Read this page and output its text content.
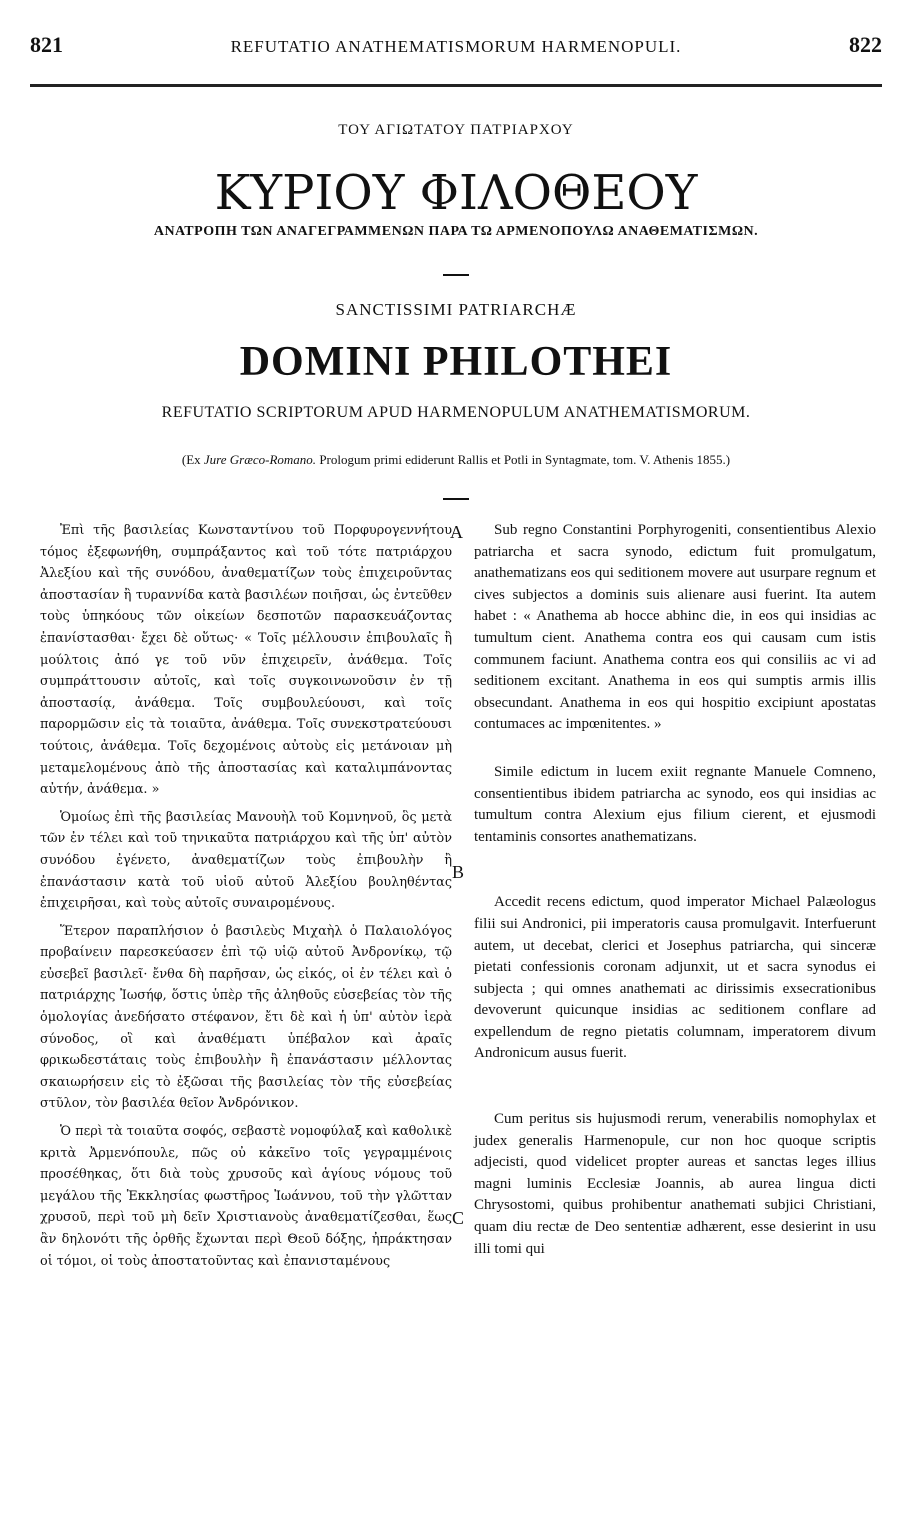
821	REFUTATIO ANATHEMATISMORUM HARMENOPULI.	822
ΤΟΥ ΑΓΙΩΤΑΤΟΥ ΠΑΤΡΙΑΡΧΟΥ
ΚΥΡΙΟΥ ΦΙΛΟΘΕΟΥ
ΑΝΑΤΡΟΠΗ ΤΩΝ ΑΝΑΓΕΓΡΑΜΜΕΝΩΝ ΠΑΡΑ ΤΩ ΑΡΜΕΝΟΠΟΥΛΩ ΑΝΑΘΕΜΑΤΙΣΜΩΝ.
SANCTISSIMI PATRIARCHÆ
DOMINI PHILOTHEI
REFUTATIO SCRIPTORUM APUD HARMENOPULUM ANATHEMATISMORUM.
(Ex Jure Græco-Romano. Prologum primi ediderunt Rallis et Potli in Syntagmate, tom. V. Athenis 1855.)

Ἐπὶ τῆς βασιλείας Κωνσταντίνου τοῦ Πορφυρογεννήτου τόμος ἐξεφωνήθη, συμπράξαντος καὶ τοῦ τότε πατριάρχου Ἀλεξίου καὶ τῆς συνόδου, ἀναθεματίζων τοὺς ἐπιχειροῦντας ἀποστασίαν ἢ τυραννίδα κατὰ βασιλέων ποιῆσαι, ὡς ἐντεῦθεν τοὺς ὑπηκόους τῶν οἰκείων δεσποτῶν παρασκευάζοντας ἐπανίστασθαι· ἔχει δὲ οὕτως· « Τοῖς μέλλουσιν ἐπιβουλαῖς ἢ μούλτοις ἀπό γε τοῦ νῦν ἐπιχειρεῖν, ἀνάθεμα. Τοῖς συμπράττουσιν αὐτοῖς, καὶ τοῖς συγκοινωνοῦσιν ἐν τῇ ἀποστασίᾳ, ἀνάθεμα. Τοῖς συμβουλεύουσι, καὶ τοῖς παρορμῶσιν εἰς τὰ τοιαῦτα, ἀνάθεμα. Τοῖς συνεκστρατεύουσι τούτοις, ἀνάθεμα. Τοῖς δεχομένοις αὐτοὺς εἰς μετάνοιαν μὴ μεταμελομένους ἀπὸ τῆς ἀποστασίας καὶ καταλιμπάνοντας αὐτήν, ἀνάθεμα. »

Ὁμοίως ἐπὶ τῆς βασιλείας Μανουὴλ τοῦ Κομνηνοῦ, ὃς μετὰ τῶν ἐν τέλει καὶ τοῦ τηνικαῦτα πατριάρχου καὶ τῆς ὑπ' αὐτὸν συνόδου ἐγένετο, ἀναθεματίζων τοὺς ἐπιβουλὴν ἢ ἐπανάστασιν κατὰ τοῦ υἱοῦ αὐτοῦ Ἀλεξίου βουληθέντας ἐπιχειρῆσαι, καὶ τοὺς αὐτοῖς συναιρομένους.

Ἕτερον παραπλήσιον ὁ βασιλεὺς Μιχαὴλ ὁ Παλαιολόγος προβαίνειν παρεσκεύασεν ἐπὶ τῷ υἱῷ αὐτοῦ Ἀνδρονίκῳ, τῷ εὐσεβεῖ βασιλεῖ· ἔνθα δὴ παρῆσαν, ὡς εἰκός, οἱ ἐν τέλει καὶ ὁ πατριάρχης Ἰωσήφ, ὅστις ὑπὲρ τῆς ἀληθοῦς εὐσεβείας τὸν τῆς ὁμολογίας ἀνεδήσατο στέφανον, ἔτι δὲ καὶ ἡ ὑπ' αὐτὸν ἱερὰ σύνοδος, οἳ καὶ ἀναθέματι ὑπέβαλον καὶ ἀραῖς φρικωδεστάταις τοὺς ἐπιβουλὴν ἢ ἐπανάστασιν μέλλοντας σκαιωρήσειν εἰς τὸ ἐξῶσαι τῆς βασιλείας τὸν τῆς εὐσεβείας στῦλον, τὸν βασιλέα θεῖον Ἀνδρόνικον.

Ὁ περὶ τὰ τοιαῦτα σοφός, σεβαστὲ νομοφύλαξ καὶ καθολικὲ κριτὰ Ἀρμενόπουλε, πῶς οὐ κἀκεῖνο τοῖς γεγραμμένοις προσέθηκας, ὅτι διὰ τοὺς χρυσοῦς καὶ ἁγίους νόμους τοῦ μεγάλου τῆς Ἐκκλησίας φωστῆρος Ἰωάννου, τοῦ τὴν γλῶτταν χρυσοῦ, περὶ τοῦ μὴ δεῖν Χριστιανοὺς ἀναθεματίζεσθαι, ἕως ἂν δηλονότι τῆς ὀρθῆς ἔχωνται περὶ Θεοῦ δόξης, ἠπράκτησαν οἱ τόμοι, οἱ τοὺς ἀποστατοῦντας καὶ ἐπανισταμένους

A
B
C

Sub regno Constantini Porphyrogeniti, consentientibus Alexio patriarcha et sacra synodo, edictum fuit promulgatum, anathematizans eos qui seditionem movere aut usurpare regnum et cives subjectos a dominis suis alienare ausi fuerint. Ita autem habet : « Anathema ab hocce abhinc die, in eos qui insidias ac tumultum cient. Anathema contra eos qui causam cum istis communem faciunt. Anathema contra eos qui consiliis ac vi ad seditionem excitant. Anathema in eos qui sumptis armis illis obsecundant. Anathema in eos qui hospitio excipiunt apostatas contumaces ac impœnitentes. »

Simile edictum in lucem exiit regnante Manuele Comneno, consentientibus ibidem patriarcha ac synodo, eos qui insidias ac tumultum contra Alexium ejus filium cierent, et ejusmodi tentaminis consortes anathematizans.

Accedit recens edictum, quod imperator Michael Palæologus filii sui Andronici, pii imperatoris causa promulgavit. Interfuerunt autem, ut decebat, clerici et Josephus patriarcha, qui sinceræ pietati confessionis coronam adjunxit, ut et sacra synodus ei subjecta ; qui omnes anathemati ac dirissimis exsecrationibus devoverunt quicunque insidias ac seditionem conflare ad expellendum de regno pietatis columnam, imperatorem divum Andronicum ausus fuerit.

Cum peritus sis hujusmodi rerum, venerabilis nomophylax et judex generalis Harmenopule, cur non hoc quoque scriptis adjecisti, quod videlicet propter aureas et sanctas leges illius magni luminis Ecclesiæ Joannis, ab aurea lingua dicti Chrysostomi, quibus prohibentur anathemati subjici Christiani, quam diu rectæ de Deo sententiæ adhærent, esse desierint in usu illi tomi qui
